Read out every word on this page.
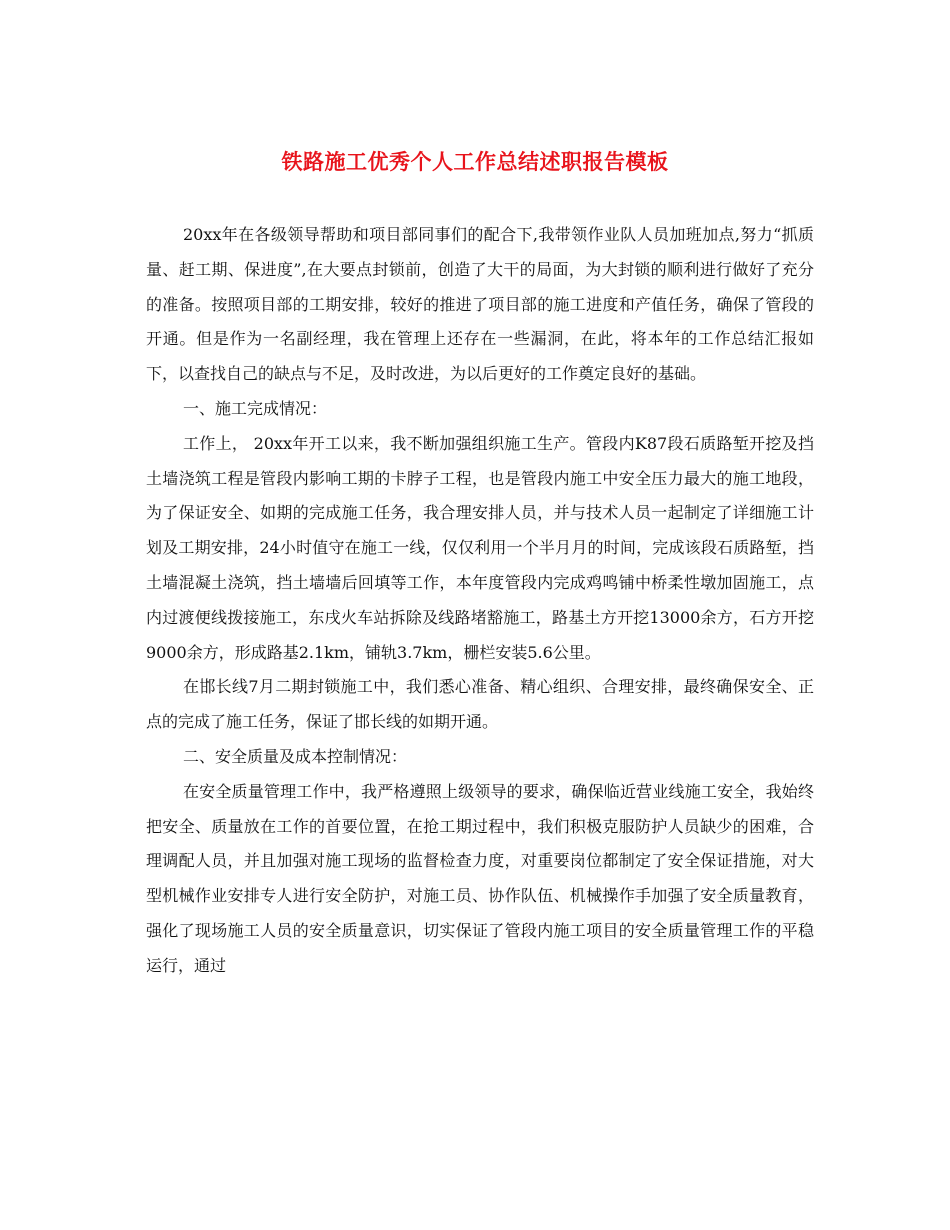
铁路施工优秀个人工作总结述职报告模板

20xx年在各级领导帮助和项目部同事们的配合下,我带领作业队人员加班加点,努力“抓质量、赶工期、保进度”,在大要点封锁前，创造了大干的局面，为大封锁的顺利进行做好了充分的准备。按照项目部的工期安排，较好的推进了项目部的施工进度和产值任务，确保了管段的开通。但是作为一名副经理，我在管理上还存在一些漏洞，在此，将本年的工作总结汇报如下，以查找自己的缺点与不足，及时改进，为以后更好的工作奠定良好的基础。

一、施工完成情况：

工作上， 20xx年开工以来，我不断加强组织施工生产。管段内K87段石质路堑开挖及挡土墙浇筑工程是管段内影响工期的卡脖子工程，也是管段内施工中安全压力最大的施工地段，为了保证安全、如期的完成施工任务，我合理安排人员，并与技术人员一起制定了详细施工计划及工期安排，24小时值守在施工一线，仅仅利用一个半月月的时间，完成该段石质路堑，挡土墙混凝土浇筑，挡土墙墙后回填等工作，本年度管段内完成鸡鸣铺中桥柔性墩加固施工，点内过渡便线拨接施工，东戌火车站拆除及线路堵豁施工，路基土方开挖13000余方，石方开挖9000余方，形成路基2.1km，铺轨3.7km，栅栏安装5.6公里。

在邯长线7月二期封锁施工中，我们悉心准备、精心组织、合理安排，最终确保安全、正点的完成了施工任务，保证了邯长线的如期开通。

二、安全质量及成本控制情况：

在安全质量管理工作中，我严格遵照上级领导的要求，确保临近营业线施工安全，我始终把安全、质量放在工作的首要位置，在抢工期过程中，我们积极克服防护人员缺少的困难，合理调配人员，并且加强对施工现场的监督检查力度，对重要岗位都制定了安全保证措施，对大型机械作业安排专人进行安全防护，对施工员、协作队伍、机械操作手加强了安全质量教育，强化了现场施工人员的安全质量意识，切实保证了管段内施工项目的安全质量管理工作的平稳运行，通过
